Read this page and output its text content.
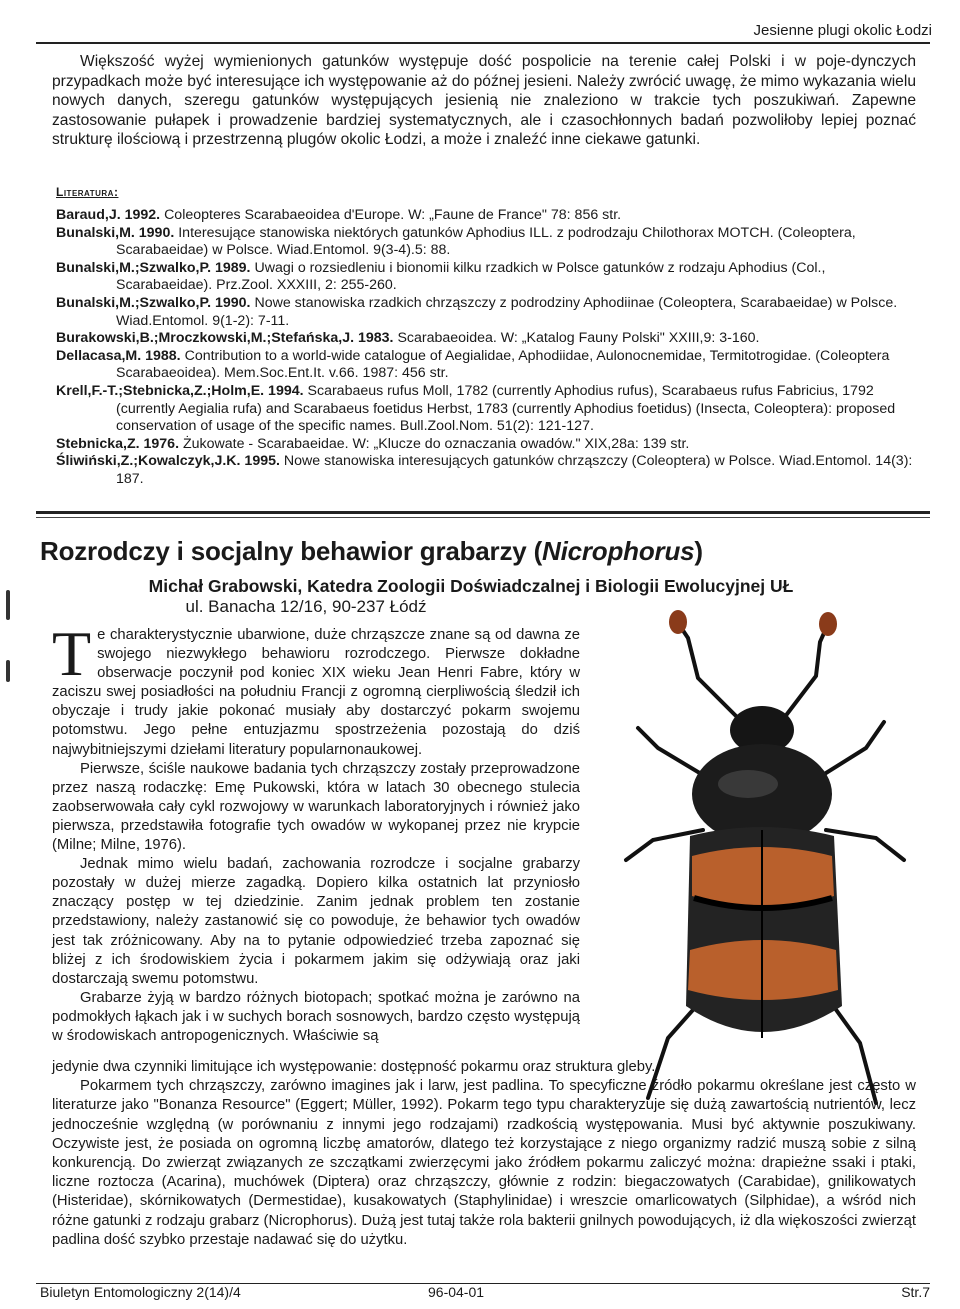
Jesienne plugi okolic Łodzi

Większość wyżej wymienionych gatunków występuje dość pospolicie na terenie całej Polski i w poje-dynczych przypadkach może być interesujące ich występowanie aż do późnej jesieni. Należy zwrócić uwagę, że mimo wykazania wielu nowych danych, szeregu gatunków występujących jesienią nie znaleziono w trakcie tych poszukiwań. Zapewne zastosowanie pułapek i prowadzenie bardziej systematycznych, ale i czasochłonnych badań pozwoliłoby lepiej poznać strukturę ilościową i przestrzenną plugów okolic Łodzi, a może i znaleźć inne ciekawe gatunki.

Literatura:

Baraud,J. 1992. Coleopteres Scarabaeoidea d'Europe. W: „Faune de France" 78: 856 str.

Bunalski,M. 1990. Interesujące stanowiska niektórych gatunków Aphodius ILL. z podrodzaju Chilothorax MOTCH. (Coleoptera, Scarabaeidae) w Polsce. Wiad.Entomol. 9(3-4).5: 88.

Bunalski,M.;Szwalko,P. 1989. Uwagi o rozsiedleniu i bionomii kilku rzadkich w Polsce gatunków z rodzaju Aphodius (Col., Scarabaeidae). Prz.Zool. XXXIII, 2: 255-260.

Bunalski,M.;Szwalko,P. 1990. Nowe stanowiska rzadkich chrząszczy z podrodziny Aphodiinae (Coleoptera, Scarabaeidae) w Polsce. Wiad.Entomol. 9(1-2): 7-11.

Burakowski,B.;Mroczkowski,M.;Stefańska,J. 1983. Scarabaeoidea. W: „Katalog Fauny Polski" XXIII,9: 3-160.

Dellacasa,M. 1988. Contribution to a world-wide catalogue of Aegialidae, Aphodiidae, Aulonocnemidae, Termitotrogidae. (Coleoptera Scarabaeoidea). Mem.Soc.Ent.It. v.66. 1987: 456 str.

Krell,F.-T.;Stebnicka,Z.;Holm,E. 1994. Scarabaeus rufus Moll, 1782 (currently Aphodius rufus), Scarabaeus rufus Fabricius, 1792 (currently Aegialia rufa) and Scarabaeus foetidus Herbst, 1783 (currently Aphodius foetidus) (Insecta, Coleoptera): proposed conservation of usage of the specific names. Bull.Zool.Nom. 51(2): 121-127.

Stebnicka,Z. 1976. Żukowate - Scarabaeidae. W: „Klucze do oznaczania owadów." XIX,28a: 139 str.

Śliwiński,Z.;Kowalczyk,J.K. 1995. Nowe stanowiska interesujących gatunków chrząszczy (Coleoptera) w Polsce. Wiad.Entomol. 14(3): 187.

Rozrodczy i socjalny behawior grabarzy (Nicrophorus)
Michał Grabowski, Katedra Zoologii Doświadczalnej i Biologii Ewolucyjnej UŁ
ul. Banacha 12/16, 90-237 Łódź

Te charakterystycznie ubarwione, duże chrząszcze znane są od dawna ze swojego niezwykłego behawioru rozrodczego. Pierwsze dokładne obserwacje poczynił pod koniec XIX wieku Jean Henri Fabre, który w zaciszu swej posiadłości na południu Francji z ogromną cierpliwością śledził ich obyczaje i trudy jakie pokonać musiały aby dostarczyć pokarm swojemu potomstwu. Jego pełne entuzjazmu spostrzeżenia pozostają do dziś najwybitniejszymi dziełami literatury popularnonaukowej.

Pierwsze, ściśle naukowe badania tych chrząszczy zostały przeprowadzone przez naszą rodaczkę: Emę Pukowski, która w latach 30 obecnego stulecia zaobserwowała cały cykl rozwojowy w warunkach laboratoryjnych i również jako pierwsza, przedstawiła fotografie tych owadów w wykopanej przez nie krypcie (Milne; Milne, 1976).

Jednak mimo wielu badań, zachowania rozrodcze i socjalne grabarzy pozostały w dużej mierze zagadką. Dopiero kilka ostatnich lat przyniosło znaczący postęp w tej dziedzinie. Zanim jednak problem ten zostanie przedstawiony, należy zastanowić się co powoduje, że behawior tych owadów jest tak zróżnicowany. Aby na to pytanie odpowiedzieć trzeba zapoznać się bliżej z ich środowiskiem życia i pokarmem jakim się odżywiają oraz jaki dostarczają swemu potomstwu.

Grabarze żyją w bardzo różnych biotopach; spotkać można je zarówno na podmokłych łąkach jak i w suchych borach sosnowych, bardzo często występują w środowiskach antropogenicznych. Właściwie są

jedynie dwa czynniki limitujące ich występowanie: dostępność pokarmu oraz struktura gleby.

Pokarmem tych chrząszczy, zarówno imagines jak i larw, jest padlina. To specyficzne źródło pokarmu określane jest często w literaturze jako "Bonanza Resource" (Eggert; Müller, 1992). Pokarm tego typu charakteryzuje się dużą zawartością nutrientów, lecz jednocześnie względną (w porównaniu z innymi jego rodzajami) rzadkością występowania. Musi być aktywnie poszukiwany. Oczywiste jest, że posiada on ogromną liczbę amatorów, dlatego też korzystające z niego organizmy radzić muszą sobie z silną konkurencją. Do zwierząt związanych ze szczątkami zwierzęcymi jako źródłem pokarmu zaliczyć można: drapieżne ssaki i ptaki, liczne roztocza (Acarina), muchówek (Diptera) oraz chrząszczy, głównie z rodzin: biegaczowatych (Carabidae), gnilikowatych (Histeridae), skórnikowatych (Dermestidae), kusakowatych (Staphylinidae) i wreszcie omarlicowatych (Silphidae), a wśród nich różne gatunki z rodzaju grabarz (Nicrophorus). Dużą jest tutaj także rola bakterii gnilnych powodujących, iż dla więkoszości zwierząt padlina dość szybko przestaje nadawać się do użytku.

Biuletyn Entomologiczny 2(14)/4	96-04-01	Str.7
